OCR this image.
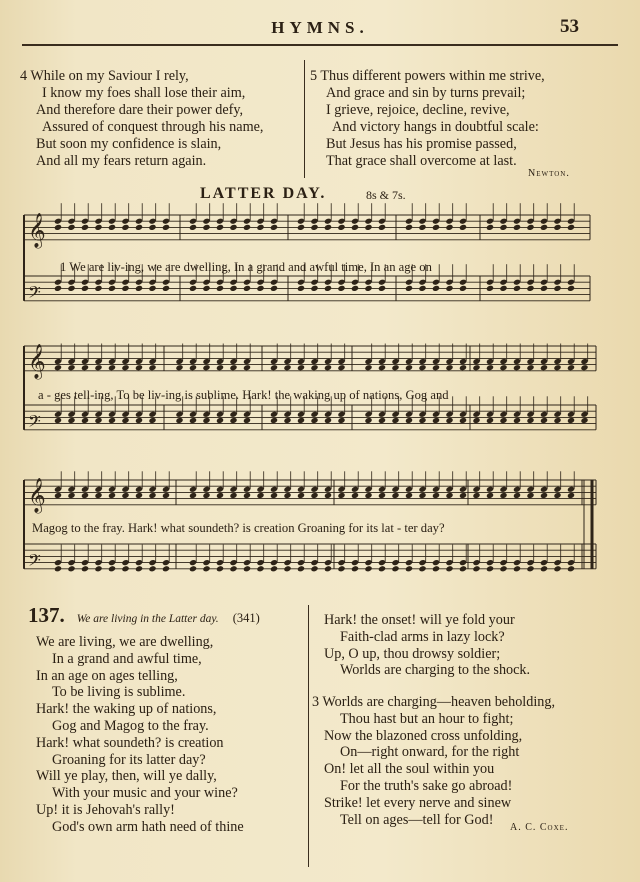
HYMNS.	53
4 While on my Saviour I rely,
I know my foes shall lose their aim,
And therefore dare their power defy,
Assured of conquest through his name,
But soon my confidence is slain,
And all my fears return again.
5 Thus different powers within me strive,
And grace and sin by turns prevail;
I grieve, rejoice, decline, revive,
And victory hangs in doubtful scale:
But Jesus has his promise passed,
That grace shall overcome at last.
Newton.
LATTER DAY.	8s & 7s.
𝄞
𝄢
𝄞
𝄢
𝄞
𝄢
1 We are liv-ing, we are dwelling, In a grand and awful time, In an age on
a - ges tell-ing, To be liv-ing is sublime. Hark! the waking up of nations, Gog and
Magog to the fray. Hark! what soundeth? is creation Groaning for its lat - ter day?
137. We are living in the Latter day. (341)
We are living, we are dwelling,
In a grand and awful time,
In an age on ages telling,
To be living is sublime.
Hark! the waking up of nations,
Gog and Magog to the fray.
Hark! what soundeth? is creation
Groaning for its latter day?
Will ye play, then, will ye dally,
With your music and your wine?
Up! it is Jehovah's rally!
God's own arm hath need of thine
Hark! the onset! will ye fold your
Faith-clad arms in lazy lock?
Up, O up, thou drowsy soldier;
Worlds are charging to the shock.
3 Worlds are charging—heaven beholding,
Thou hast but an hour to fight;
Now the blazoned cross unfolding,
On—right onward, for the right
On! let all the soul within you
For the truth's sake go abroad!
Strike! let every nerve and sinew
Tell on ages—tell for God!	A. C. Coxe.
